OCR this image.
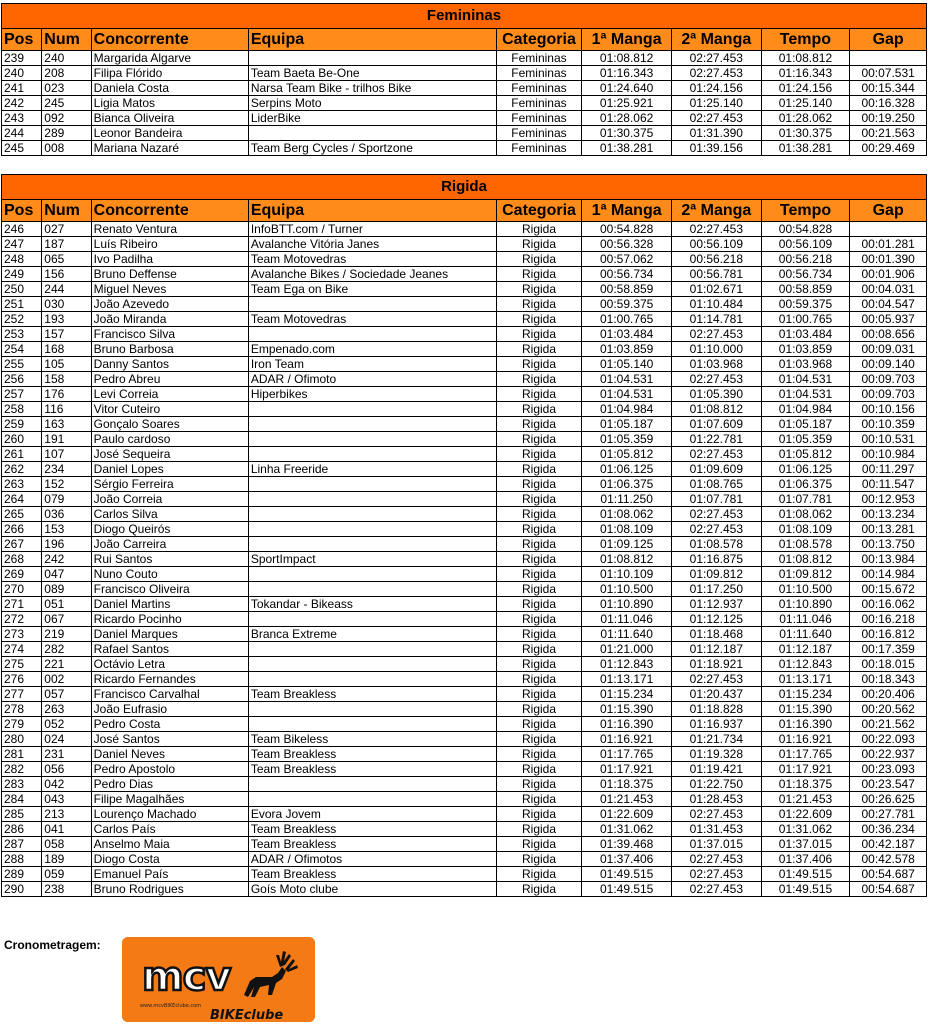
Femininas								
Pos	Num	Concorrente	Equipa	Categoria	1ª Manga	2ª Manga	Tempo	Gap
239	240	Margarida Algarve		Femininas	01:08.812	02:27.453	01:08.812	
240	208	Filipa Flórido	Team Baeta Be-One	Femininas	01:16.343	02:27.453	01:16.343	00:07.531
241	023	Daniela Costa	Narsa Team Bike - trilhos Bike	Femininas	01:24.640	01:24.156	01:24.156	00:15.344
242	245	Ligia Matos	Serpins Moto	Femininas	01:25.921	01:25.140	01:25.140	00:16.328
243	092	Bianca Oliveira	LiderBike	Femininas	01:28.062	02:27.453	01:28.062	00:19.250
244	289	Leonor Bandeira		Femininas	01:30.375	01:31.390	01:30.375	00:21.563
245	008	Mariana Nazaré	Team Berg Cycles / Sportzone	Femininas	01:38.281	01:39.156	01:38.281	00:29.469
Rigida								
Pos	Num	Concorrente	Equipa	Categoria	1ª Manga	2ª Manga	Tempo	Gap
246	027	Renato Ventura	InfoBTT.com / Turner	Rigida	00:54.828	02:27.453	00:54.828	
247	187	Luís Ribeiro	Avalanche Vitória Janes	Rigida	00:56.328	00:56.109	00:56.109	00:01.281
248	065	Ivo Padilha	Team Motovedras	Rigida	00:57.062	00:56.218	00:56.218	00:01.390
249	156	Bruno Deffense	Avalanche Bikes / Sociedade Jeanes	Rigida	00:56.734	00:56.781	00:56.734	00:01.906
250	244	Miguel Neves	Team Ega on Bike	Rigida	00:58.859	01:02.671	00:58.859	00:04.031
251	030	João Azevedo		Rigida	00:59.375	01:10.484	00:59.375	00:04.547
252	193	João Miranda	Team Motovedras	Rigida	01:00.765	01:14.781	01:00.765	00:05.937
253	157	Francisco Silva		Rigida	01:03.484	02:27.453	01:03.484	00:08.656
254	168	Bruno Barbosa	Empenado.com	Rigida	01:03.859	01:10.000	01:03.859	00:09.031
255	105	Danny Santos	Iron Team	Rigida	01:05.140	01:03.968	01:03.968	00:09.140
256	158	Pedro Abreu	ADAR / Ofimoto	Rigida	01:04.531	02:27.453	01:04.531	00:09.703
257	176	Levi Correia	Hiperbikes	Rigida	01:04.531	01:05.390	01:04.531	00:09.703
258	116	Vitor Cuteiro		Rigida	01:04.984	01:08.812	01:04.984	00:10.156
259	163	Gonçalo Soares		Rigida	01:05.187	01:07.609	01:05.187	00:10.359
260	191	Paulo cardoso		Rigida	01:05.359	01:22.781	01:05.359	00:10.531
261	107	José Sequeira		Rigida	01:05.812	02:27.453	01:05.812	00:10.984
262	234	Daniel Lopes	Linha Freeride	Rigida	01:06.125	01:09.609	01:06.125	00:11.297
263	152	Sérgio Ferreira		Rigida	01:06.375	01:08.765	01:06.375	00:11.547
264	079	João Correia		Rigida	01:11.250	01:07.781	01:07.781	00:12.953
265	036	Carlos Silva		Rigida	01:08.062	02:27.453	01:08.062	00:13.234
266	153	Diogo Queirós		Rigida	01:08.109	02:27.453	01:08.109	00:13.281
267	196	João Carreira		Rigida	01:09.125	01:08.578	01:08.578	00:13.750
268	242	Rui Santos	SportImpact	Rigida	01:08.812	01:16.875	01:08.812	00:13.984
269	047	Nuno Couto		Rigida	01:10.109	01:09.812	01:09.812	00:14.984
270	089	Francisco Oliveira		Rigida	01:10.500	01:17.250	01:10.500	00:15.672
271	051	Daniel Martins	Tokandar - Bikeass	Rigida	01:10.890	01:12.937	01:10.890	00:16.062
272	067	Ricardo Pocinho		Rigida	01:11.046	01:12.125	01:11.046	00:16.218
273	219	Daniel Marques	Branca Extreme	Rigida	01:11.640	01:18.468	01:11.640	00:16.812
274	282	Rafael Santos		Rigida	01:21.000	01:12.187	01:12.187	00:17.359
275	221	Octávio Letra		Rigida	01:12.843	01:18.921	01:12.843	00:18.015
276	002	Ricardo Fernandes		Rigida	01:13.171	02:27.453	01:13.171	00:18.343
277	057	Francisco Carvalhal	Team Breakless	Rigida	01:15.234	01:20.437	01:15.234	00:20.406
278	263	João Eufrasio		Rigida	01:15.390	01:18.828	01:15.390	00:20.562
279	052	Pedro Costa		Rigida	01:16.390	01:16.937	01:16.390	00:21.562
280	024	José Santos	Team Bikeless	Rigida	01:16.921	01:21.734	01:16.921	00:22.093
281	231	Daniel Neves	Team Breakless	Rigida	01:17.765	01:19.328	01:17.765	00:22.937
282	056	Pedro Apostolo	Team Breakless	Rigida	01:17.921	01:19.421	01:17.921	00:23.093
283	042	Pedro Dias		Rigida	01:18.375	01:22.750	01:18.375	00:23.547
284	043	Filipe Magalhães		Rigida	01:21.453	01:28.453	01:21.453	00:26.625
285	213	Lourenço Machado	Evora Jovem	Rigida	01:22.609	02:27.453	01:22.609	00:27.781
286	041	Carlos País	Team Breakless	Rigida	01:31.062	01:31.453	01:31.062	00:36.234
287	058	Anselmo Maia	Team Breakless	Rigida	01:39.468	01:37.015	01:37.015	00:42.187
288	189	Diogo Costa	ADAR / Ofimotos	Rigida	01:37.406	02:27.453	01:37.406	00:42.578
289	059	Emanuel País	Team Breakless	Rigida	01:49.515	02:27.453	01:49.515	00:54.687
290	238	Bruno Rodrigues	Goís Moto clube	Rigida	01:49.515	02:27.453	01:49.515	00:54.687
Cronometragem:
mcv
www.mcvBIKEclube.com
BIKEclube
